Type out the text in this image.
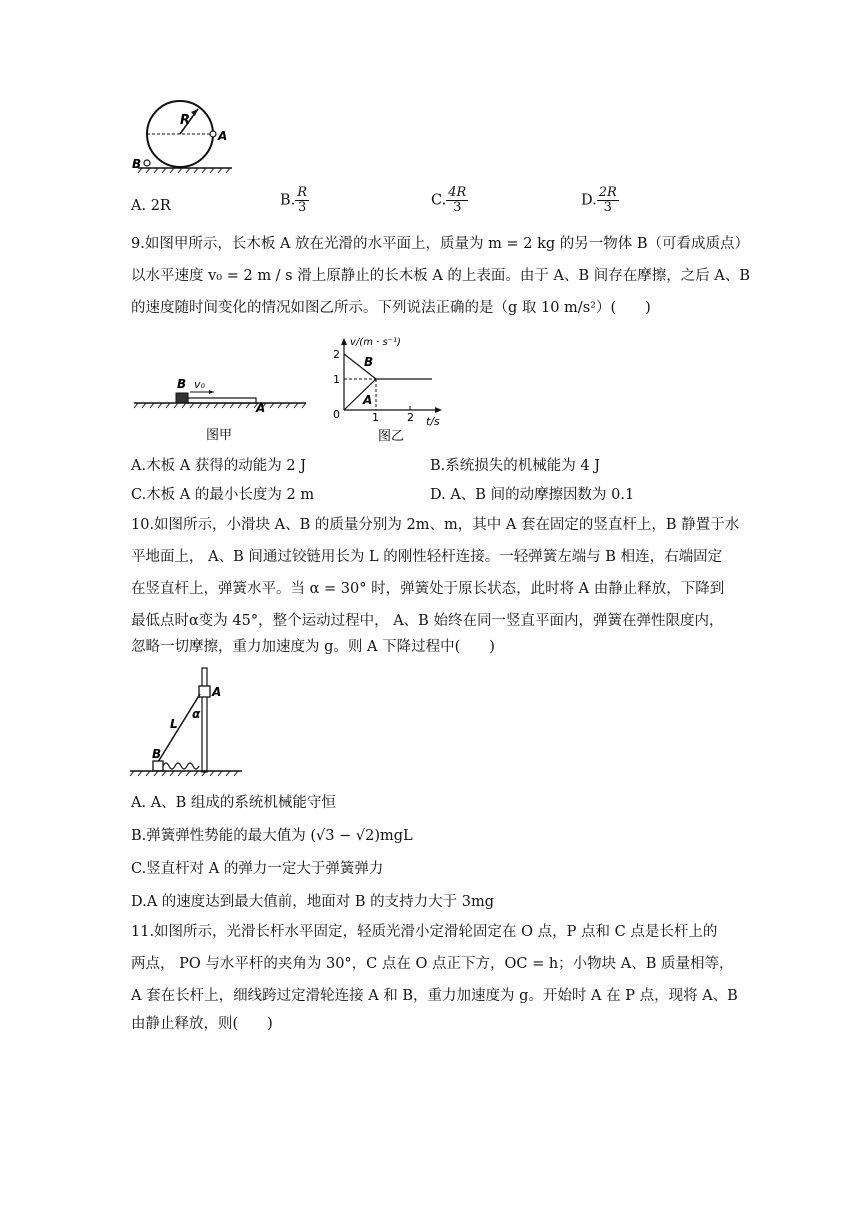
R
A
B
A. 2R	B. $\frac{R}{3}$	C. $\frac{4R}{3}$	D. $\frac{2R}{3}$
9.如图甲所示，长木板 A 放在光滑的水平面上，质量为 m = 2 kg 的另一物体 B（可看成质点）
以水平速度 v₀ = 2 m / s 滑上原静止的长木板 A 的上表面。由于 A、B 间存在摩擦，之后 A、B
的速度随时间变化的情况如图乙所示。下列说法正确的是（g 取 10 m/s²）(　　)
B v₀
A
图甲
v/(m · s⁻¹)
2
1
0	1	2 t/s
B
A
图乙
A.木板 A 获得的动能为 2 J	B.系统损失的机械能为 4 J
C.木板 A 的最小长度为 2 m	D. A、B 间的动摩擦因数为 0.1
10.如图所示，小滑块 A、B 的质量分别为 2m、m，其中 A 套在固定的竖直杆上，B 静置于水
平地面上， A、B 间通过铰链用长为 L 的刚性轻杆连接。一轻弹簧左端与 B 相连，右端固定
在竖直杆上，弹簧水平。当 α = 30° 时，弹簧处于原长状态，此时将 A 由静止释放，下降到
最低点时α变为 45°，整个运动过程中， A、B 始终在同一竖直平面内，弹簧在弹性限度内，
忽略一切摩擦，重力加速度为 g。则 A 下降过程中(　　)
A
α
L
B
A. A、B 组成的系统机械能守恒
B.弹簧弹性势能的最大值为 (√3 − √2)mgL
C.竖直杆对 A 的弹力一定大于弹簧弹力
D.A 的速度达到最大值前，地面对 B 的支持力大于 3mg
11.如图所示，光滑长杆水平固定，轻质光滑小定滑轮固定在 O 点，P 点和 C 点是长杆上的
两点， PO 与水平杆的夹角为 30°，C 点在 O 点正下方，OC = h；小物块 A、B 质量相等，
A 套在长杆上，细线跨过定滑轮连接 A 和 B，重力加速度为 g。开始时 A 在 P 点，现将 A、B
由静止释放，则(　　)
